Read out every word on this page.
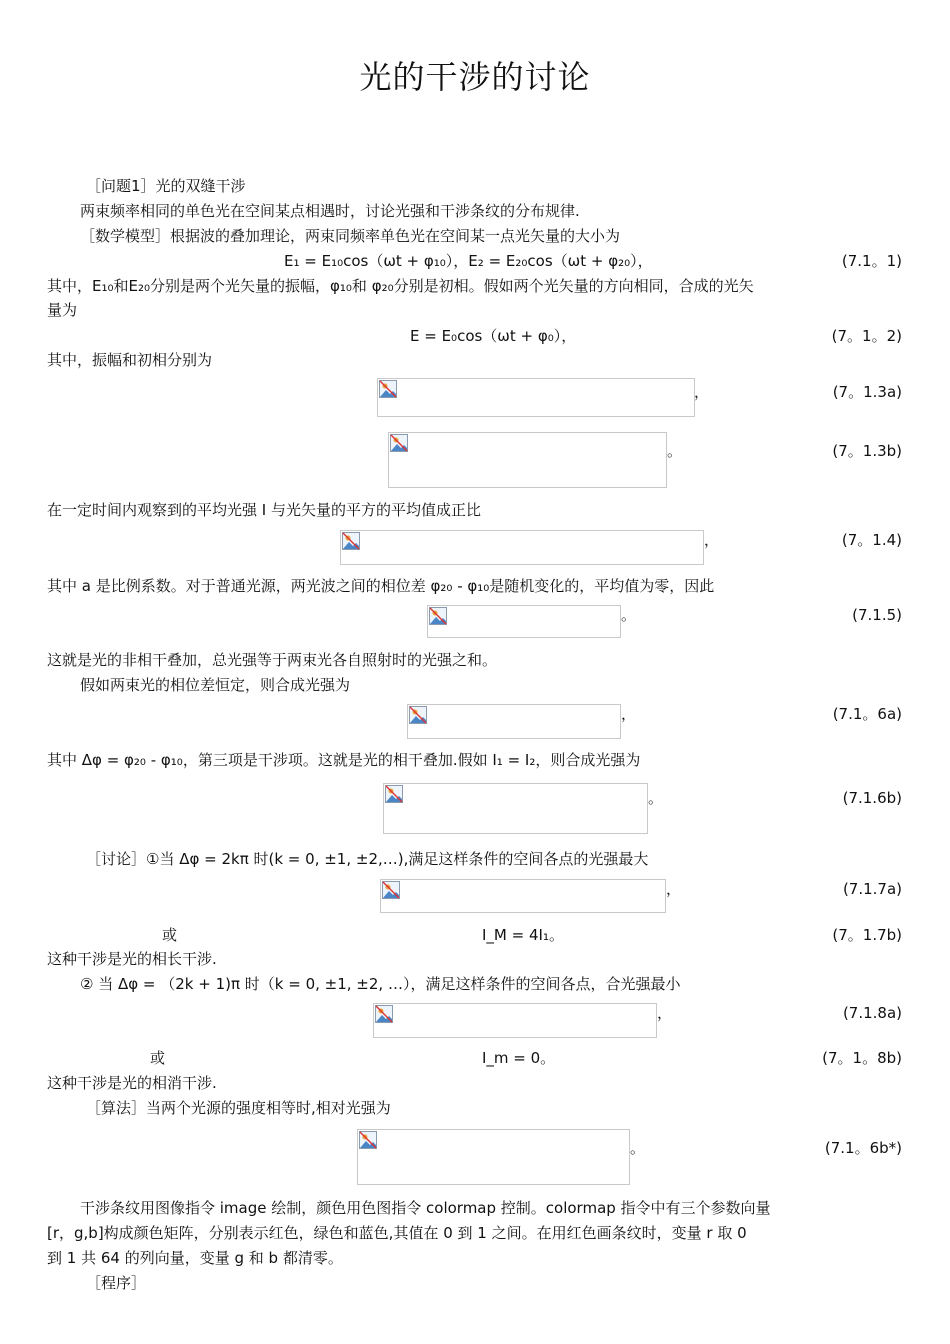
光的干涉的讨论
［问题1］光的双缝干涉
两束频率相同的单色光在空间某点相遇时，讨论光强和干涉条纹的分布规律.
［数学模型］根据波的叠加理论，两束同频率单色光在空间某一点光矢量的大小为
E₁ = E₁₀cos（ωt + φ₁₀），E₂ = E₂₀cos（ωt + φ₂₀），	(7.1。1)
其中，E₁₀和E₂₀分别是两个光矢量的振幅，φ₁₀和 φ₂₀分别是初相。假如两个光矢量的方向相同，合成的光矢
量为
E = E₀cos（ωt + φ₀），	(7。1。2)
其中，振幅和初相分别为
，	(7。1.3a)
。	(7。1.3b)
在一定时间内观察到的平均光强 I 与光矢量的平方的平均值成正比
，	(7。1.4)
其中 a 是比例系数。对于普通光源，两光波之间的相位差 φ₂₀ - φ₁₀是随机变化的，平均值为零，因此
。	(7.1.5)
这就是光的非相干叠加，总光强等于两束光各自照射时的光强之和。
假如两束光的相位差恒定，则合成光强为
，	(7.1。6a)
其中 Δφ = φ₂₀ - φ₁₀，第三项是干涉项。这就是光的相干叠加.假如 I₁ = I₂，则合成光强为
。	(7.1.6b)
［讨论］①当 Δφ = 2kπ 时(k = 0, ±1, ±2,…),满足这样条件的空间各点的光强最大
，	(7.1.7a)
或	I_M = 4I₁。	(7。1.7b)
这种干涉是光的相长干涉.
② 当 Δφ = （2k + 1)π 时（k = 0, ±1, ±2, …），满足这样条件的空间各点，合光强最小
，	(7.1.8a)
或	I_m = 0。	(7。1。8b)
这种干涉是光的相消干涉.
［算法］当两个光源的强度相等时,相对光强为
。	(7.1。6b*)
干涉条纹用图像指令 image 绘制，颜色用色图指令 colormap 控制。colormap 指令中有三个参数向量
[r，g,b]构成颜色矩阵，分别表示红色，绿色和蓝色,其值在 0 到 1 之间。在用红色画条纹时，变量 r 取 0
到 1 共 64 的列向量，变量 g 和 b 都清零。
［程序］
